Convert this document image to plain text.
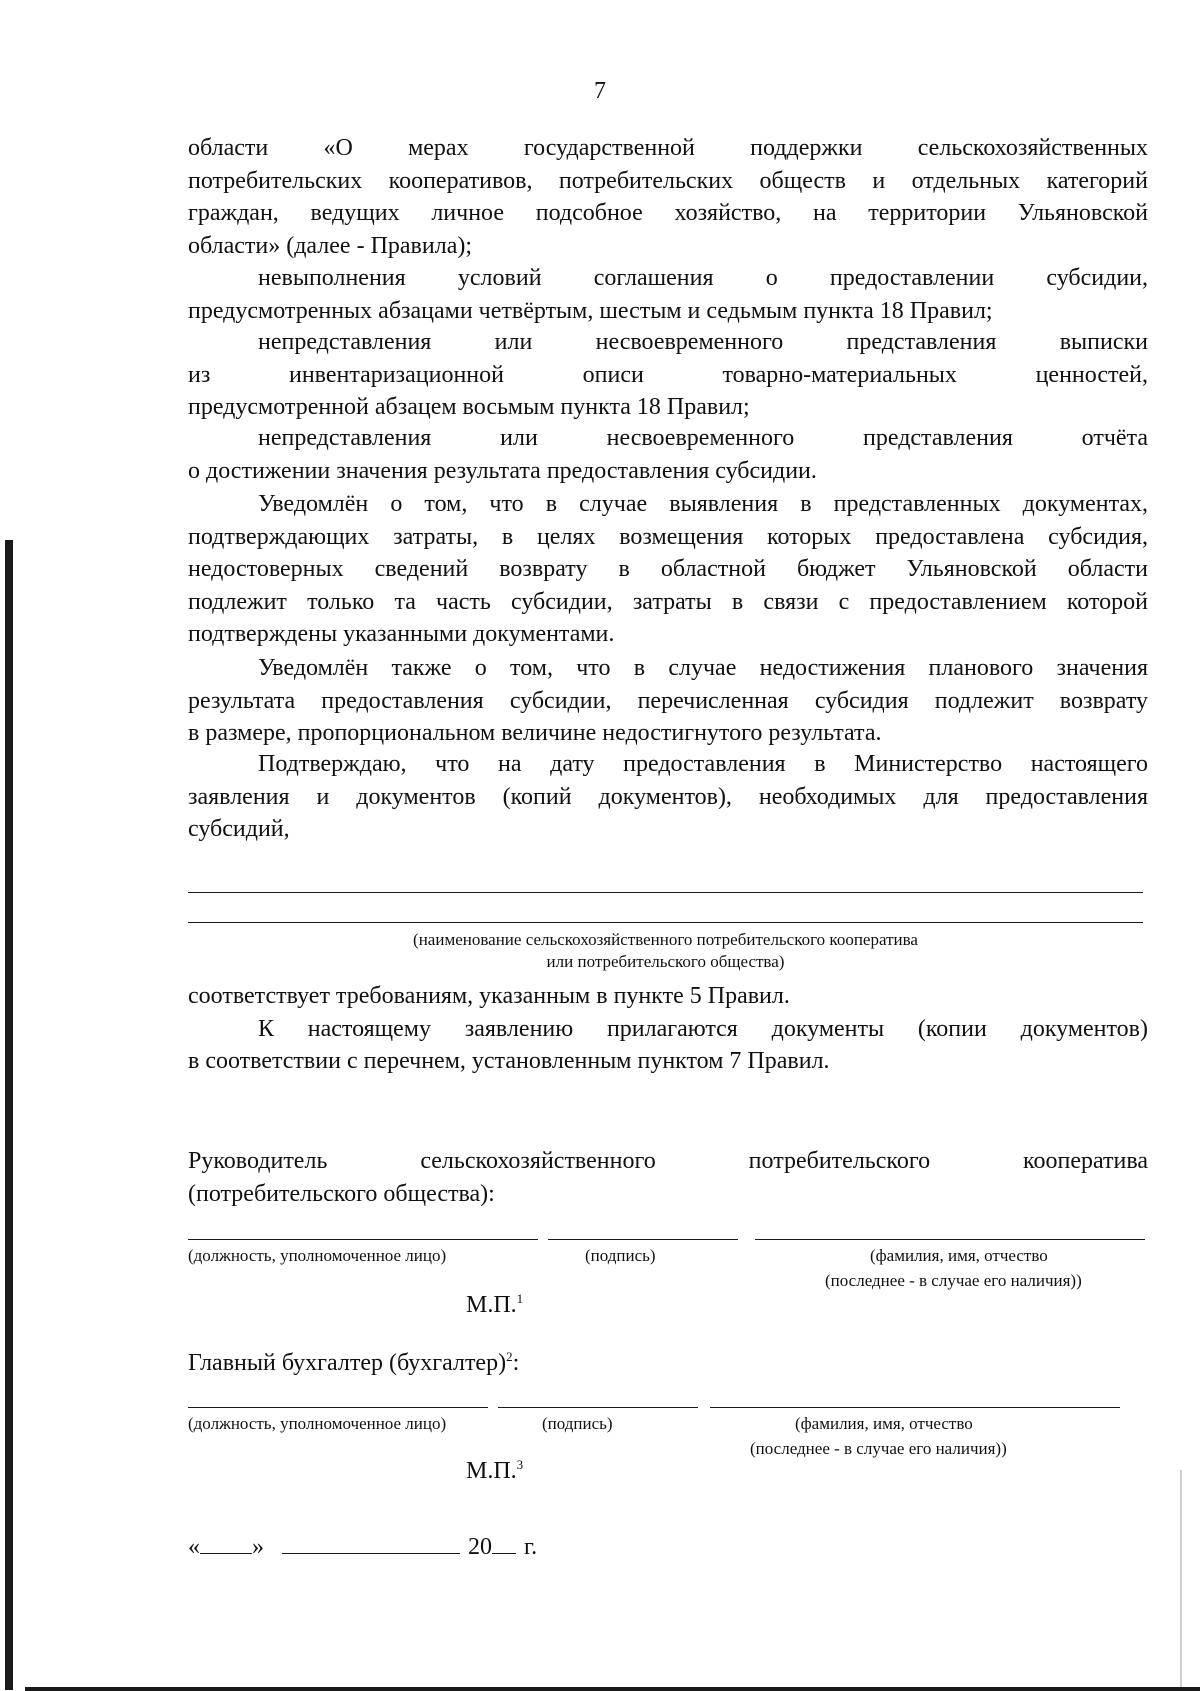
7

области «О мерах государственной поддержки сельскохозяйственных

потребительских кооперативов, потребительских обществ и отдельных категорий

граждан, ведущих личное подсобное хозяйство, на территории Ульяновской

области» (далее - Правила);

невыполнения условий соглашения о предоставлении субсидии,

предусмотренных абзацами четвёртым, шестым и седьмым пункта 18 Правил;

непредставления или несвоевременного представления выписки

из инвентаризационной описи товарно-материальных ценностей,

предусмотренной абзацем восьмым пункта 18 Правил;

непредставления или несвоевременного представления отчёта

о достижении значения результата предоставления субсидии.

Уведомлён о том, что в случае выявления в представленных документах,

подтверждающих затраты, в целях возмещения которых предоставлена субсидия,

недостоверных сведений возврату в областной бюджет Ульяновской области

подлежит только та часть субсидии, затраты в связи с предоставлением которой

подтверждены указанными документами.

Уведомлён также о том, что в случае недостижения планового значения

результата предоставления субсидии, перечисленная субсидия подлежит возврату

в размере, пропорциональном величине недостигнутого результата.

Подтверждаю, что на дату предоставления в Министерство настоящего

заявления и документов (копий документов), необходимых для предоставления

субсидий,

(наименование сельскохозяйственного потребительского кооператива
или потребительского общества)

соответствует требованиям, указанным в пункте 5 Правил.

К настоящему заявлению прилагаются документы (копии документов)

в соответствии с перечнем, установленным пунктом 7 Правил.

Руководитель сельскохозяйственного потребительского кооператива

(потребительского общества):

(должность, уполномоченное лицо)	(подпись)	(фамилия, имя, отчество
(последнее - в случае его наличия))
М.П.$^1$
Главный бухгалтер (бухгалтер)$^2$:
(должность, уполномоченное лицо)	(подпись)	(фамилия, имя, отчество
(последнее - в случае его наличия))
М.П.$^3$
« »	20 г.
